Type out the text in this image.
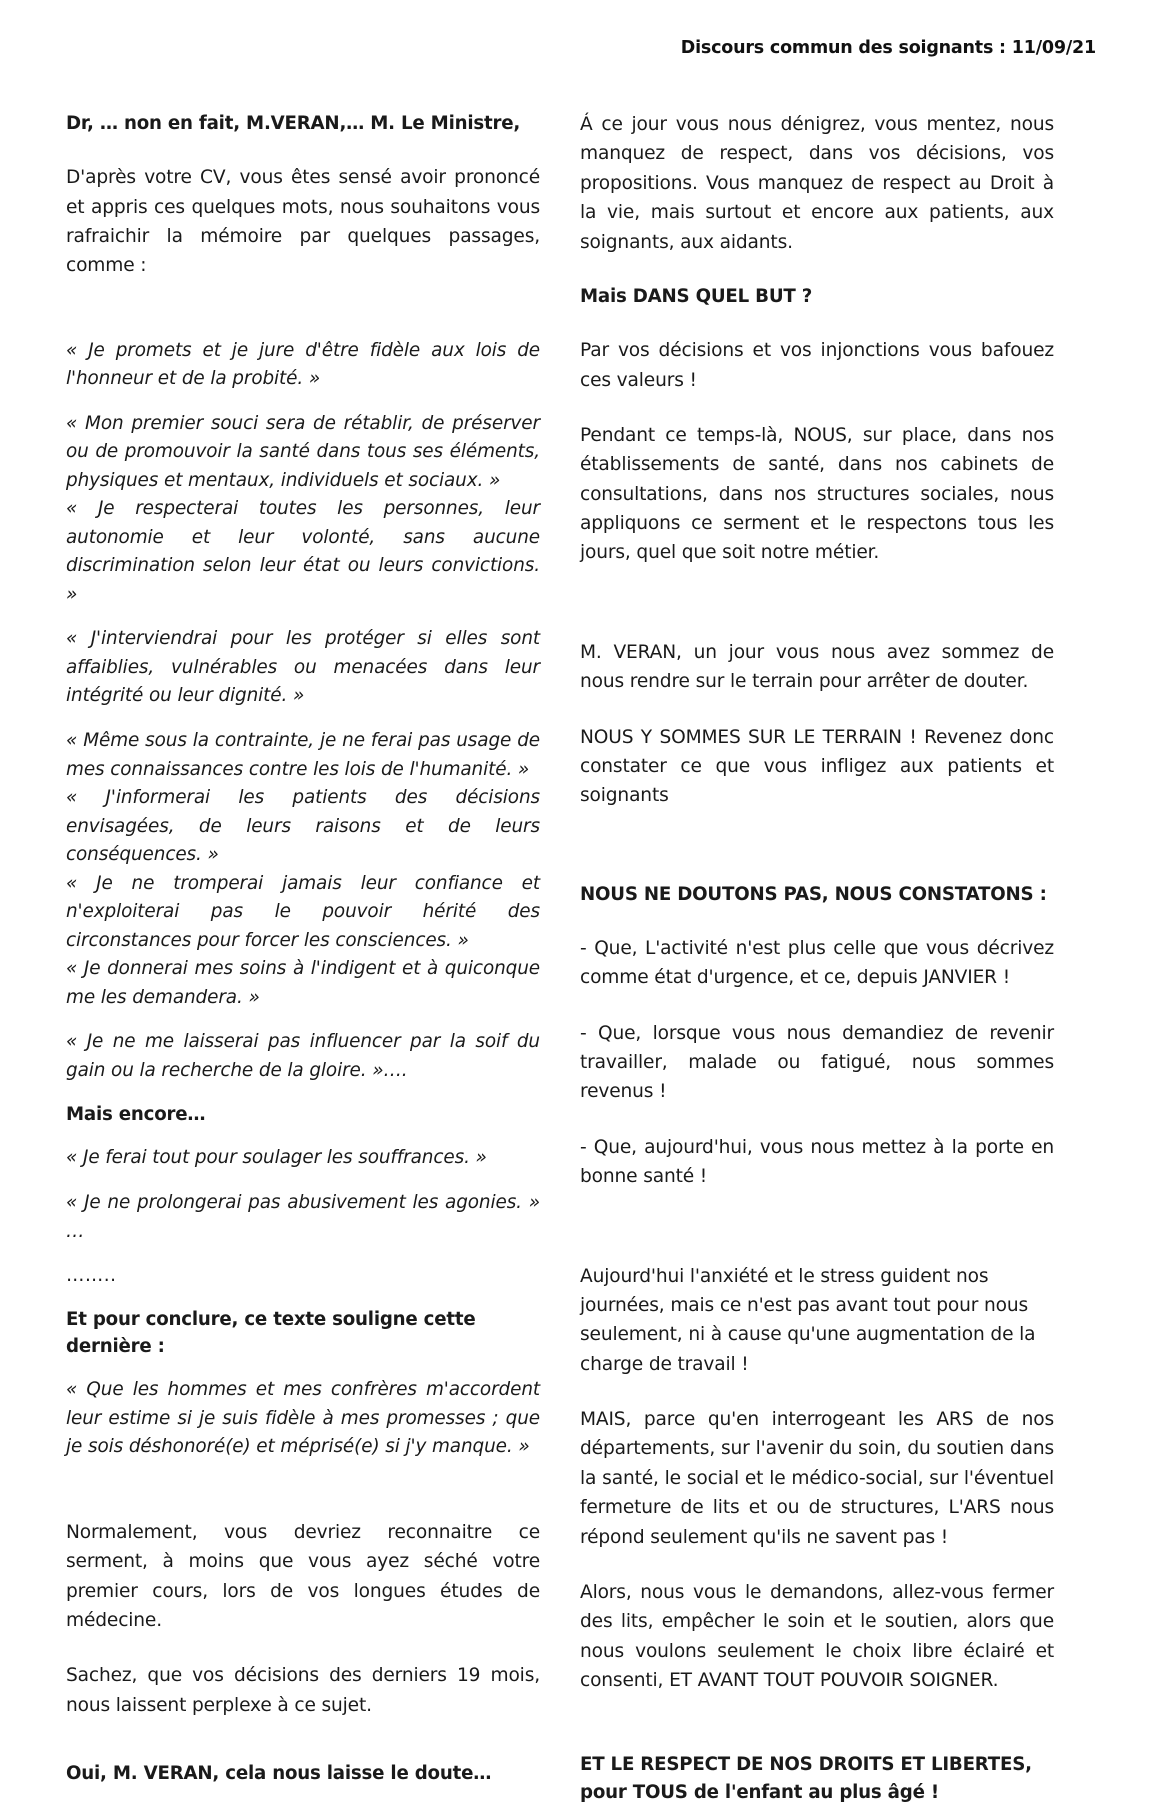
Discours commun des soignants : 11/09/21

Dr, … non en fait, M.VERAN,… M. Le Ministre,

D'après votre CV, vous êtes sensé avoir prononcé et appris ces quelques mots, nous souhaitons vous rafraichir la mémoire par quelques passages, comme :

« Je promets et je jure d'être fidèle aux lois de l'honneur et de la probité. »

« Mon premier souci sera de rétablir, de préserver ou de promouvoir la santé dans tous ses éléments, physiques et mentaux, individuels et sociaux. »

« Je respecterai toutes les personnes, leur autonomie et leur volonté, sans aucune discrimination selon leur état ou leurs convictions. »

« J'interviendrai pour les protéger si elles sont affaiblies, vulnérables ou menacées dans leur intégrité ou leur dignité. »

« Même sous la contrainte, je ne ferai pas usage de mes connaissances contre les lois de l'humanité. »

« J'informerai les patients des décisions envisagées, de leurs raisons et de leurs conséquences. »

« Je ne tromperai jamais leur confiance et n'exploiterai pas le pouvoir hérité des circonstances pour forcer les consciences. »

« Je donnerai mes soins à l'indigent et à quiconque me les demandera. »

« Je ne me laisserai pas influencer par la soif du gain ou la recherche de la gloire. »….

Mais encore…

« Je ferai tout pour soulager les souffrances. »

« Je ne prolongerai pas abusivement les agonies. » …

……..

Et pour conclure, ce texte souligne cette dernière :

« Que les hommes et mes confrères m'accordent leur estime si je suis fidèle à mes promesses ; que je sois déshonoré(e) et méprisé(e) si j'y manque. »

Normalement, vous devriez reconnaitre ce serment, à moins que vous ayez séché votre premier cours, lors de vos longues études de médecine.

Sachez, que vos décisions des derniers 19 mois, nous laissent perplexe à ce sujet.

Oui, M. VERAN, cela nous laisse le doute…

Á ce jour vous nous dénigrez, vous mentez, nous manquez de respect, dans vos décisions, vos propositions. Vous manquez de respect au Droit à la vie, mais surtout et encore aux patients, aux soignants, aux aidants.

Mais DANS QUEL BUT ?

Par vos décisions et vos injonctions vous bafouez ces valeurs !

Pendant ce temps-là, NOUS, sur place, dans nos établissements de santé, dans nos cabinets de consultations, dans nos structures sociales, nous appliquons ce serment et le respectons tous les jours, quel que soit notre métier.

M. VERAN, un jour vous nous avez sommez de nous rendre sur le terrain pour arrêter de douter.

NOUS Y SOMMES SUR LE TERRAIN ! Revenez donc constater ce que vous infligez aux patients et soignants

NOUS NE DOUTONS PAS, NOUS CONSTATONS :

- Que, L'activité n'est plus celle que vous décrivez comme état d'urgence, et ce, depuis JANVIER !

- Que, lorsque vous nous demandiez de revenir travailler, malade ou fatigué, nous sommes revenus !

- Que, aujourd'hui, vous nous mettez à la porte en bonne santé !

Aujourd'hui l'anxiété et le stress guident nos journées, mais ce n'est pas avant tout pour nous seulement, ni à cause qu'une augmentation de la charge de travail !

MAIS, parce qu'en interrogeant les ARS de nos départements, sur l'avenir du soin, du soutien dans la santé, le social et le médico-social, sur l'éventuel fermeture de lits et ou de structures, L'ARS nous répond seulement qu'ils ne savent pas !

Alors, nous vous le demandons, allez-vous fermer des lits, empêcher le soin et le soutien, alors que nous voulons seulement le choix libre éclairé et consenti, ET AVANT TOUT POUVOIR SOIGNER.

ET LE RESPECT DE NOS DROITS ET LIBERTES, pour TOUS de l'enfant au plus âgé !
